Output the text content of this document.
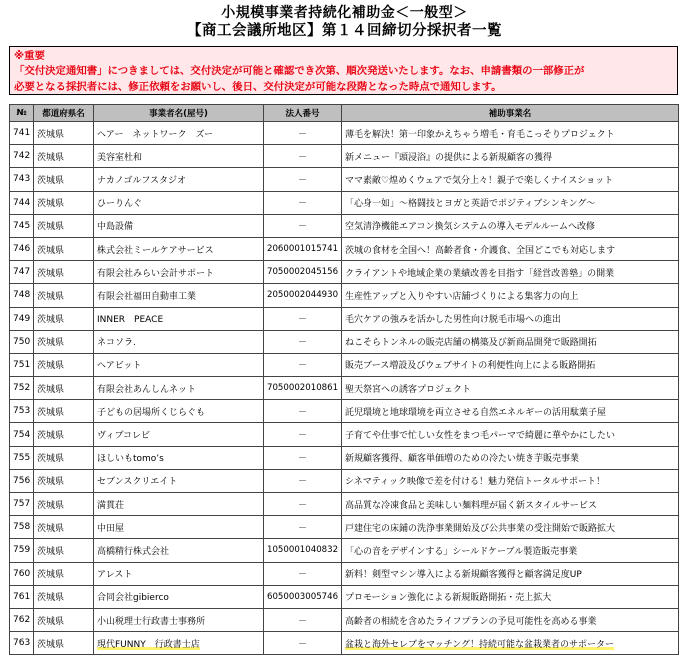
小規模事業者持続化補助金＜一般型＞
【商工会議所地区】第１４回締切分採択者一覧
※重要
「交付決定通知書」につきましては、交付決定が可能と確認でき次第、順次発送いたします。なお、申請書類の一部修正が
必要となる採択者には、修正依頼をお願いし、後日、交付決定が可能な段階となった時点で通知します。
№	都道府県名	事業者名(屋号)	法人番号	補助事業名
741	茨城県	ヘアー　ネットワーク　ズー	－	薄毛を解決！第一印象かえちゃう増毛・育毛こっそりプロジェクト
742	茨城県	美容室杜和	－	新メニュー『頭浸浴』の提供による新規顧客の獲得
743	茨城県	ナカノゴルフスタジオ	－	ママ素敵♡煌めくウェアで気分上々！親子で楽しくナイスショット
744	茨城県	ひーりんぐ	－	「心身一如」～格闘技とヨガと英語でポジティブシンキング～
745	茨城県	中島設備	－	空気清浄機能エアコン換気システムの導入モデルルームへ改修
746	茨城県	株式会社ミールケアサービス	2060001015741	茨城の食材を全国へ！高齢者食・介護食、全国どこでも対応します
747	茨城県	有限会社みらい会計サポート	7050002045156	クライアントや地域企業の業績改善を目指す「経営改善塾」の開業
748	茨城県	有限会社福田自動車工業	2050002044930	生産性アップと入りやすい店舗づくりによる集客力の向上
749	茨城県	INNER　PEACE	－	毛穴ケアの強みを活かした男性向け脱毛市場への進出
750	茨城県	ネコソラ.	－	ねこそらトンネルの販売店舗の構築及び新商品開発で販路開拓
751	茨城県	ヘアビット	－	販売ブース増設及びウェブサイトの利便性向上による販路開拓
752	茨城県	有限会社あんしんネット	7050002010861	聖天祭宮への誘客プロジェクト
753	茨城県	子どもの居場所くじらぐも	－	託児環境と地球環境を両立させる自然エネルギーの活用駄菓子屋
754	茨城県	ヴィブコレビ	－	子育てや仕事で忙しい女性をまつ毛パーマで綺麗に華やかにしたい
755	茨城県	ほしいもtomo’s	－	新規顧客獲得、顧客単価増のための冷たい焼き芋販売事業
756	茨城県	セブンスクリエイト	－	シネマティック映像で差を付ける！魅力発信トータルサポート！
757	茨城県	満貫荘	－	高品質な冷凍食品と美味しい麺料理が届く新スタイルサービス
758	茨城県	中田屋	－	戸建住宅の床鋪の洗浄事業開始及び公共事業の受注開始で販路拡大
759	茨城県	高橋精行株式会社	1050001040832	「心の音をデザインする」シールドケーブル製造販売事業
760	茨城県	アレスト	－	新料！剣型マシン導入による新規顧客獲得と顧客満足度UP
761	茨城県	合同会社gibierco	6050003005746	プロモーション強化による新規販路開拓・売上拡大
762	茨城県	小山税理士行政書士事務所	－	高齢者の相続を含めたライフプランの予見可能性を高める事業
763	茨城県	現代FUNNY　行政書士店	－	盆栽と海外セレブをマッチング！持続可能な盆栽業者のサポーター
